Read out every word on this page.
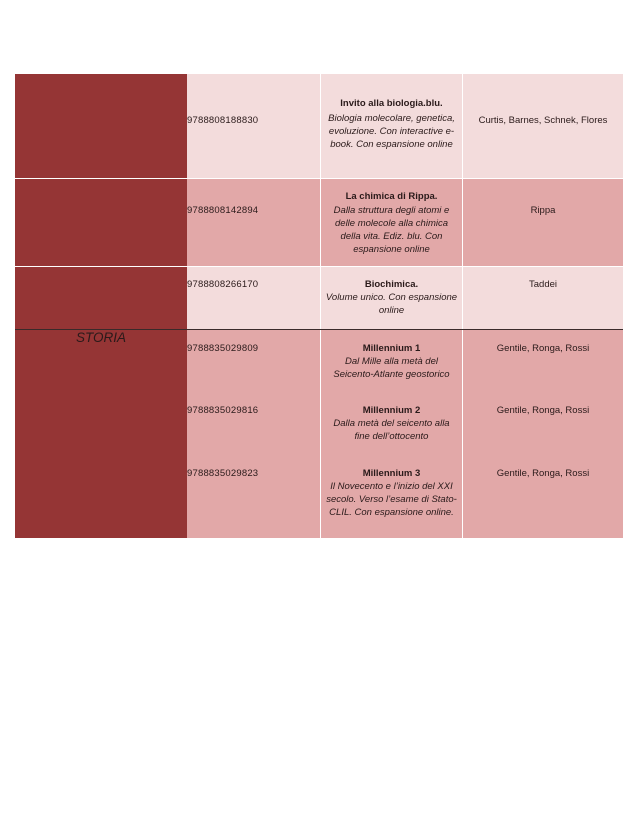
	9788808188830	Invito alla biologia.blu.
Biologia molecolare, genetica, evoluzione. Con interactive e-book. Con espansione online	Curtis, Barnes, Schnek, Flores

	9788808142894	La chimica di Rippa.
Dalla struttura degli atomi e delle molecole alla chimica della vita. Ediz. blu. Con espansione online	Rippa

	9788808266170	Biochimica.
Volume unico. Con espansione online	Taddei
STORIA	9788835029809	Millennium 1
Dal Mille alla metà del Seicento-Atlante geostorico	Gentile, Ronga, Rossi

	9788835029816	Millennium 2
Dalla metà del seicento alla fine dell’ottocento	Gentile, Ronga, Rossi

	9788835029823	Millennium 3
Il Novecento e l’inizio del XXI secolo. Verso l’esame di Stato-CLIL. Con espansione online.	Gentile, Ronga, Rossi
